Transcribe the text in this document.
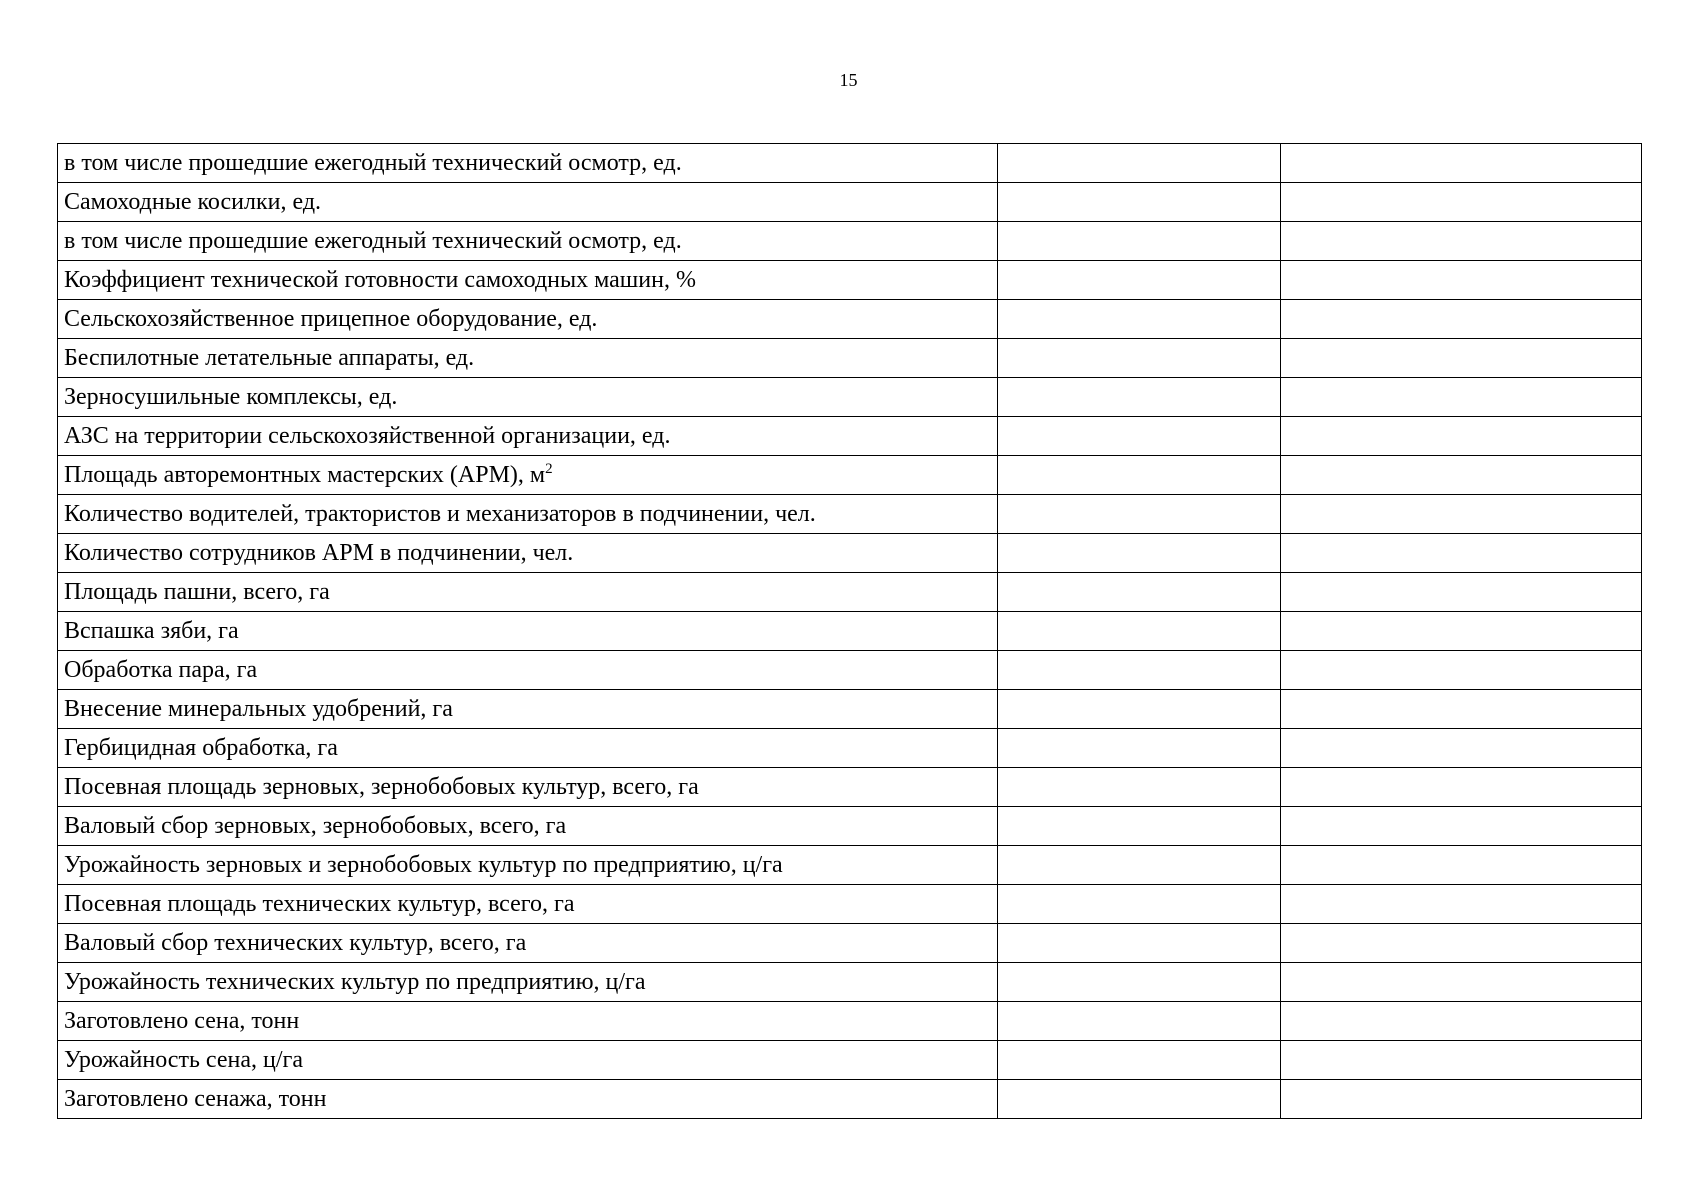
15
в том числе прошедшие ежегодный технический осмотр, ед.		
Самоходные косилки, ед.		
в том числе прошедшие ежегодный технический осмотр, ед.		
Коэффициент технической готовности самоходных машин, %		
Сельскохозяйственное прицепное оборудование, ед.		
Беспилотные летательные аппараты, ед.		
Зерносушильные комплексы, ед.		
АЗС на территории сельскохозяйственной организации, ед.		
Площадь авторемонтных мастерских (АРМ), $м^2$		
Количество водителей, трактористов и механизаторов в подчинении, чел.		
Количество сотрудников АРМ в подчинении, чел.		
Площадь пашни, всего, га		
Вспашка зяби, га		
Обработка пара, га		
Внесение минеральных удобрений, га		
Гербицидная обработка, га		
Посевная площадь зерновых, зернобобовых культур, всего, га		
Валовый сбор зерновых, зернобобовых, всего, га		
Урожайность зерновых и зернобобовых культур по предприятию, ц/га		
Посевная площадь технических культур, всего, га		
Валовый сбор технических культур, всего, га		
Урожайность технических культур по предприятию, ц/га		
Заготовлено сена, тонн		
Урожайность сена, ц/га		
Заготовлено сенажа, тонн		
